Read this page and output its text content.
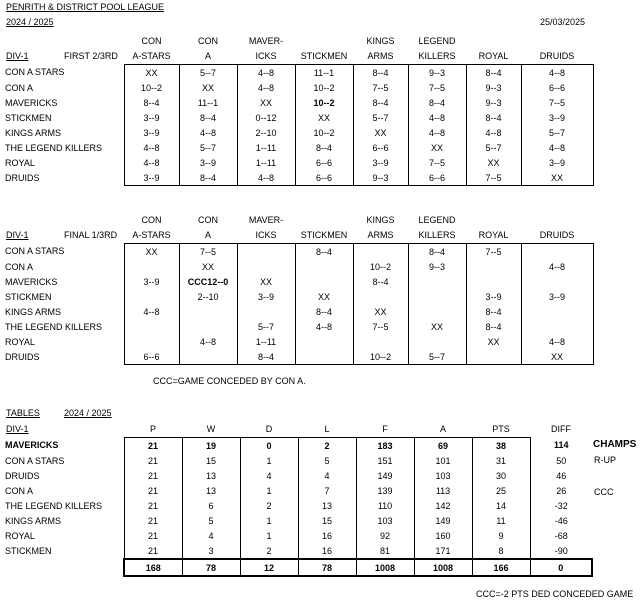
PENRITH & DISTRICT POOL LEAGUE
2024 / 2025	25/03/2025
CON
A-STARS
CON
A
MAVER-
ICKS	STICKMEN
KINGS
ARMS
LEGEND
KILLERS	ROYAL	DRUIDS
DIV-1	FIRST 2/3RD
CON A STARS	XX	5--7	4--8	11--1	8--4	9--3	8--4	4--8
CON A	10--2	XX	4--8	10--2	7--5	7--5	9--3	6--6
MAVERICKS	8--4	11--1	XX	10--2	8--4	8--4	9--3	7--5
STICKMEN	3--9	8--4	0--12	XX	5--7	4--8	8--4	3--9
KINGS ARMS	3--9	4--8	2--10	10--2	XX	4--8	4--8	5--7
THE LEGEND KILLERS	4--8	5--7	1--11	8--4	6--6	XX	5--7	4--8
ROYAL	4--8	3--9	1--11	6--6	3--9	7--5	XX	3--9
DRUIDS	3--9	8--4	4--8	6--6	9--3	6--6	7--5	XX
CON
A-STARS
CON
A
MAVER-
ICKS	STICKMEN
KINGS
ARMS
LEGEND
KILLERS	ROYAL	DRUIDS
DIV-1	FINAL 1/3RD
CON A STARS	XX	7--5		8--4		8--4	7--5	
CON A		XX			10--2	9--3		4--8
MAVERICKS	3--9	CCC12--0	XX		8--4			
STICKMEN		2--10	3--9	XX			3--9	3--9
KINGS ARMS	4--8			8--4	XX		8--4	
THE LEGEND KILLERS			5--7	4--8	7--5	XX	8--4	
ROYAL		4--8	1--11				XX	4--8
DRUIDS	6--6		8--4		10--2	5--7		XX
CCC=GAME CONCEDED BY CON A.
TABLES	2024 / 2025
DIV-1	P	W	D	L	F	A	PTS	DIFF
MAVERICKS	21	19	0	2	183	69	38	114
CON A STARS	21	15	1	5	151	101	31	50
DRUIDS	21	13	4	4	149	103	30	46
CON A	21	13	1	7	139	113	25	26
THE LEGEND KILLERS	21	6	2	13	110	142	14	-32
KINGS ARMS	21	5	1	15	103	149	11	-46
ROYAL	21	4	1	16	92	160	9	-68
STICKMEN	21	3	2	16	81	171	8	-90
	168	78	12	78	1008	1008	166	0
CHAMPS
R-UP
CCC
CCC=-2 PTS DED CONCEDED GAME
